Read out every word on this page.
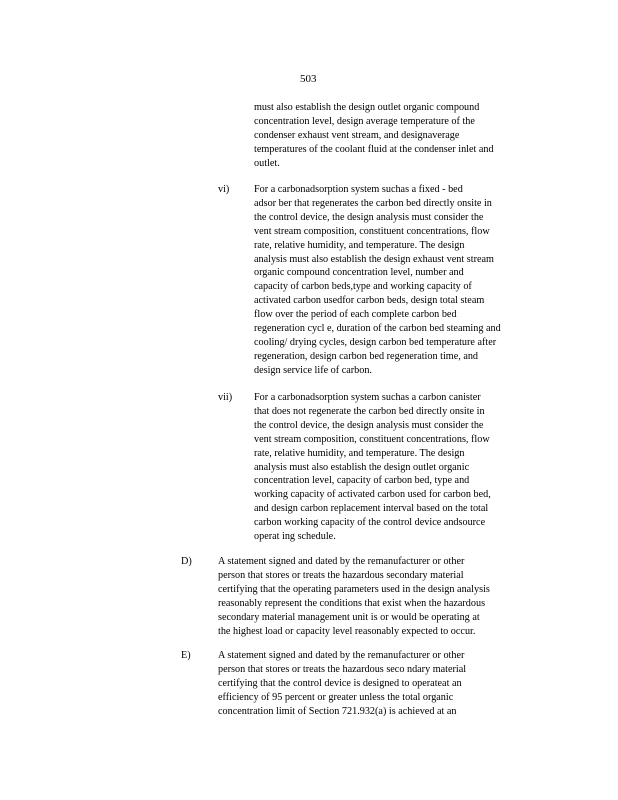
503
must also establish the design outlet organic compound
concentration level, design average temperature of the
condenser exhaust vent stream, and designaverage
temperatures of the coolant fluid at the condenser inlet and
outlet.
vi) For a carbonadsorption system suchas a fixed - bed
adsor ber that regenerates the carbon bed directly onsite in
the control device, the design analysis must consider the
vent stream composition, constituent concentrations, flow
rate, relative humidity, and temperature. The design
analysis must also establish the design exhaust vent stream
organic compound concentration level, number and
capacity of carbon beds,type and working capacity of
activated carbon usedfor carbon beds, design total steam
flow over the period of each complete carbon bed
regeneration cycl e, duration of the carbon bed steaming and
cooling/ drying cycles, design carbon bed temperature after
regeneration, design carbon bed regeneration time, and
design service life of carbon.
vii) For a carbonadsorption system suchas a carbon canister
that does not regenerate the carbon bed directly onsite in
the control device, the design analysis must consider the
vent stream composition, constituent concentrations, flow
rate, relative humidity, and temperature. The design
analysis must also establish the design outlet organic
concentration level, capacity of carbon bed, type and
working capacity of activated carbon used for carbon bed,
and design carbon replacement interval based on the total
carbon working capacity of the control device andsource
operat ing schedule.
D)	A statement signed and dated by the remanufacturer or other
person that stores or treats the hazardous secondary material
certifying that the operating parameters used in the design analysis
reasonably represent the conditions that exist when the hazardous
secondary material management unit is or would be operating at
the highest load or capacity level reasonably expected to occur.
E)	A statement signed and dated by the remanufacturer or other
person that stores or treats the hazardous seco ndary material
certifying that the control device is designed to operateat an
efficiency of 95 percent or greater unless the total organic
concentration limit of Section 721.932(a) is achieved at an
